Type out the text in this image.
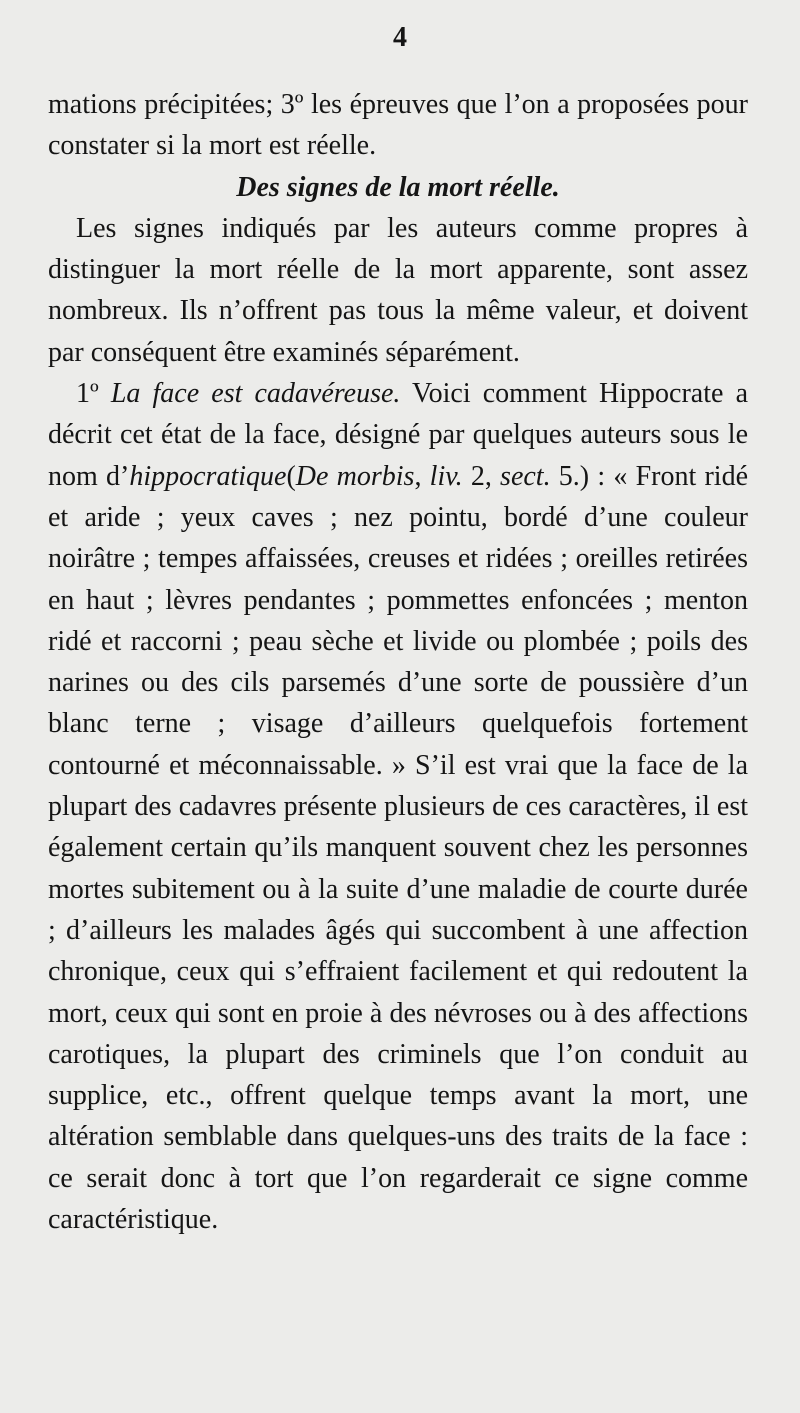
4

mations précipitées; 3º les épreuves que l’on a proposées pour constater si la mort est réelle.

Des signes de la mort réelle.

Les signes indiqués par les auteurs comme propres à distinguer la mort réelle de la mort apparente, sont assez nombreux. Ils n’offrent pas tous la même valeur, et doivent par conséquent être examinés séparément.

1º La face est cadavéreuse. Voici comment Hippocrate a décrit cet état de la face, désigné par quelques auteurs sous le nom d’hippocratique(De morbis, liv. 2, sect. 5.) : « Front ridé et aride ; yeux caves ; nez pointu, bordé d’une couleur noirâtre ; tempes affaissées, creuses et ridées ; oreilles retirées en haut ; lèvres pendantes ; pommettes enfoncées ; menton ridé et raccorni ; peau sèche et livide ou plombée ; poils des narines ou des cils parsemés d’une sorte de poussière d’un blanc terne ; visage d’ailleurs quelquefois fortement contourné et méconnaissable. » S’il est vrai que la face de la plupart des cadavres présente plusieurs de ces caractères, il est également certain qu’ils manquent souvent chez les personnes mortes subitement ou à la suite d’une maladie de courte durée ; d’ailleurs les malades âgés qui succombent à une affection chronique, ceux qui s’effraient facilement et qui redoutent la mort, ceux qui sont en proie à des névroses ou à des affections carotiques, la plupart des criminels que l’on conduit au supplice, etc., offrent quelque temps avant la mort, une altération semblable dans quelques-uns des traits de la face : ce serait donc à tort que l’on regarderait ce signe comme caractéristique.
